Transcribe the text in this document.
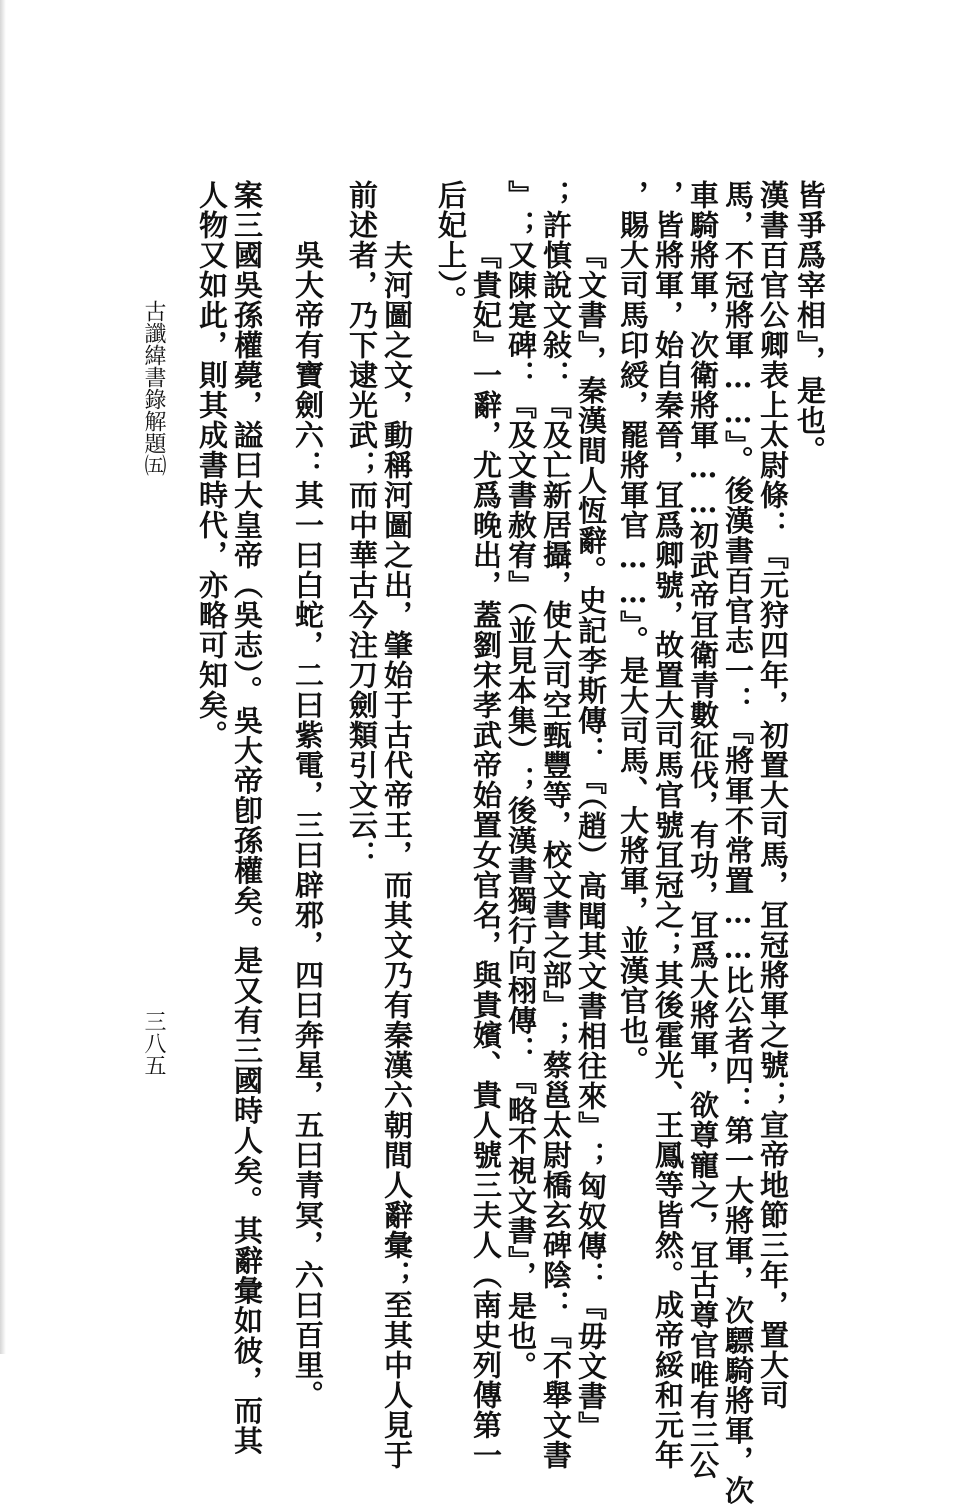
皆爭爲宰相』，是也。
漢書百官公卿表上太尉條：『元狩四年，初置大司馬，冝冠將軍之號；宣帝地節三年，置大司
馬，不冠將軍……』。後漢書百官志一：『將軍不常置……比公者四：第一大將軍，次驃騎將軍，次
車騎將軍，次衛將軍……初武帝冝衛青數征伐，有功，冝爲大將軍，欲尊寵之，冝古尊官唯有三公
，皆將軍，始自秦晉，冝爲卿號，故置大司馬官號冝冠之；其後霍光、王鳳等皆然。成帝綏和元年
，賜大司馬印綬，罷將軍官……』。是大司馬、大將軍，並漢官也。
『文書』，秦漢間人恆辭。史記李斯傳：『（趙）高聞其文書相往來』；匈奴傳：『毋文書』
；許慎說文敍：『及亡新居攝，使大司空甄豐等，校文書之部』；蔡邕太尉橋玄碑陰：『不舉文書
』；又陳寔碑：『及文書赦宥』（並見本集）；後漢書獨行向栩傳：『略不視文書』，是也。
『貴妃』一辭，尤爲晚出，蓋劉宋孝武帝始置女官名，與貴嬪、貴人號三夫人（南史列傳第一
后妃上）。
夫河圖之文，動稱河圖之出，肇始于古代帝王，而其文乃有秦漢六朝間人辭彙；至其中人見于
前述者，乃下逮光武；而中華古今注刀劍類引文云：
吳大帝有寶劍六：其一曰白蛇，二曰紫電，三曰辟邪，四曰奔星，五曰青冥，六曰百里。
案三國吳孫權薨，謚曰大皇帝（吳志）。吳大帝卽孫權矣。是又有三國時人矣。其辭彙如彼，而其
人物又如此，則其成書時代，亦略可知矣。
古讖緯書錄解題㈤
三八五
